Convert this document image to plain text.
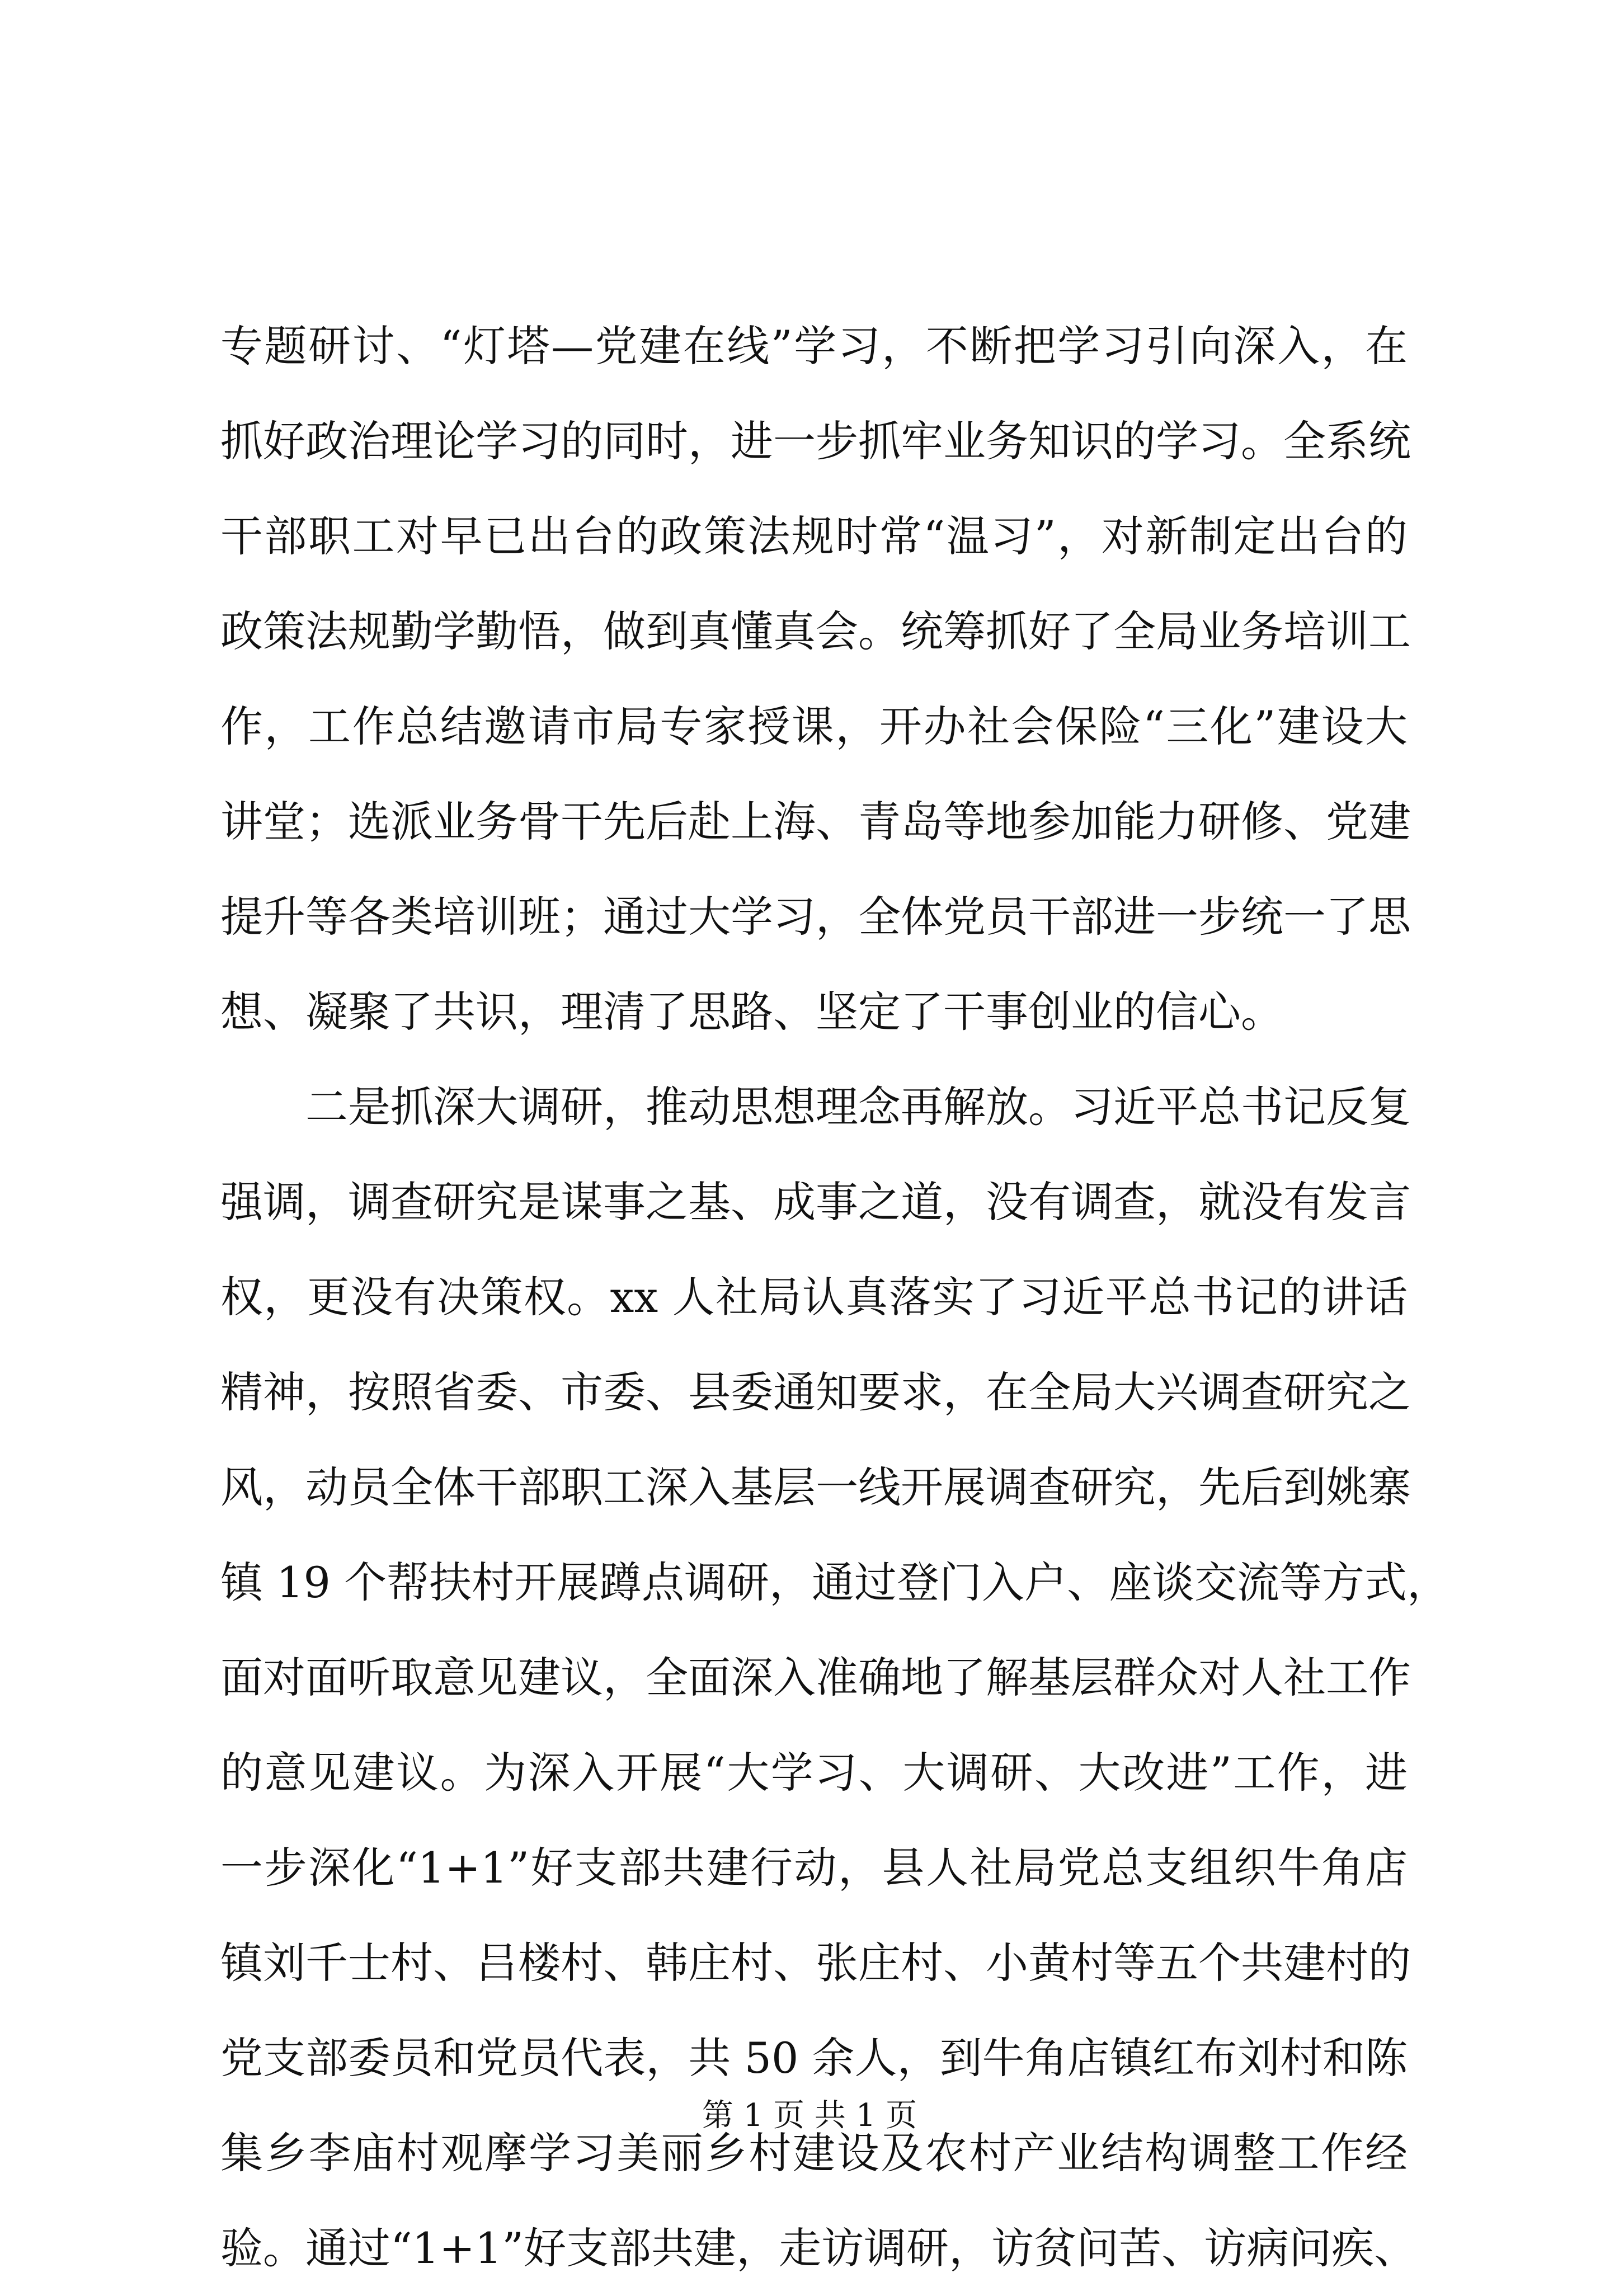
专题研讨、“灯塔—党建在线”学习，不断把学习引向深入，在
抓好政治理论学习的同时，进一步抓牢业务知识的学习。全系统
干部职工对早已出台的政策法规时常“温习”，对新制定出台的
政策法规勤学勤悟，做到真懂真会。统筹抓好了全局业务培训工
作，工作总结邀请市局专家授课，开办社会保险“三化”建设大
讲堂；选派业务骨干先后赴上海、青岛等地参加能力研修、党建
提升等各类培训班；通过大学习，全体党员干部进一步统一了思
想、凝聚了共识，理清了思路、坚定了干事创业的信心。
二是抓深大调研，推动思想理念再解放。习近平总书记反复
强调，调查研究是谋事之基、成事之道，没有调查，就没有发言
权，更没有决策权。xx 人社局认真落实了习近平总书记的讲话
精神，按照省委、市委、县委通知要求，在全局大兴调查研究之
风，动员全体干部职工深入基层一线开展调查研究，先后到姚寨
镇 19 个帮扶村开展蹲点调研，通过登门入户、座谈交流等方式，
面对面听取意见建议，全面深入准确地了解基层群众对人社工作
的意见建议。为深入开展“大学习、大调研、大改进”工作，进
一步深化“1+1”好支部共建行动，县人社局党总支组织牛角店
镇刘千士村、吕楼村、韩庄村、张庄村、小黄村等五个共建村的
党支部委员和党员代表，共 50 余人，到牛角店镇红布刘村和陈
集乡李庙村观摩学习美丽乡村建设及农村产业结构调整工作经
验。通过“1+1”好支部共建，走访调研，访贫问苦、访病问疾、
第 1 页 共 1 页
